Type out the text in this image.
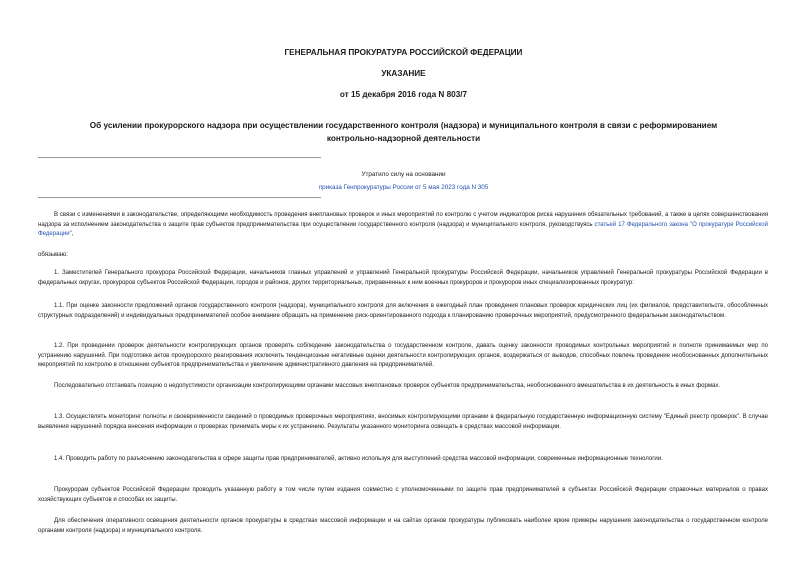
ГЕНЕРАЛЬНАЯ ПРОКУРАТУРА РОССИЙСКОЙ ФЕДЕРАЦИИ
УКАЗАНИЕ
от 15 декабря 2016 года N 803/7
Об усилении прокурорского надзора при осуществлении государственного контроля (надзора) и муниципального контроля в связи с реформированием
контрольно-надзорной деятельности
Утратило силу на основании
приказа Генпрокуратуры России от 5 мая 2023 года N 305

В связи с изменениями в законодательстве, определяющими необходимость проведения внеплановых проверок и иных мероприятий по контролю с учетом индикаторов риска нарушения обязательных требований, а также в целях совершенствования надзора за исполнением законодательства о защите прав субъектов предпринимательства при осуществлении государственного контроля (надзора) и муниципального контроля, руководствуясь статьей 17 Федерального закона "О прокуратуре Российской Федерации",

обязываю:

1. Заместителей Генерального прокурора Российской Федерации, начальников главных управлений и управлений Генеральной прокуратуры Российской Федерации, начальников управлений Генеральной прокуратуры Российской Федерации в федеральных округах, прокуроров субъектов Российской Федерации, городов и районов, других территориальных, приравненных к ним военных прокуроров и прокуроров иных специализированных прокуратур:

1.1. При оценке законности предложений органов государственного контроля (надзора), муниципального контроля для включения в ежегодный план проведения плановых проверок юридических лиц (их филиалов, представительств, обособленных структурных подразделений) и индивидуальных предпринимателей особое внимание обращать на применение риск-ориентированного подхода к планированию проверочных мероприятий, предусмотренного федеральным законодательством.

1.2. При проведении проверок деятельности контролирующих органов проверять соблюдение законодательства о государственном контроле, давать оценку законности проводимых контрольных мероприятий и полноте принимаемых мер по устранению нарушений. При подготовке актов прокурорского реагирования исключить тенденциозные негативные оценки деятельности контролирующих органов, воздержаться от выводов, способных повлечь проведение необоснованных дополнительных мероприятий по контролю в отношении субъектов предпринимательства и увеличение административного давления на предпринимателей.

Последовательно отстаивать позицию о недопустимости организации контролирующими органами массовых внеплановых проверок субъектов предпринимательства, необоснованного вмешательства в их деятельность в иных формах.

1.3. Осуществлять мониторинг полноты и своевременности сведений о проводимых проверочных мероприятиях, вносимых контролирующими органами в федеральную государственную информационную систему "Единый реестр проверок". В случае выявления нарушений порядка внесения информации о проверках принимать меры к их устранению. Результаты указанного мониторинга освещать в средствах массовой информации.

1.4. Проводить работу по разъяснению законодательства в сфере защиты прав предпринимателей, активно используя для выступлений средства массовой информации, современные информационные технологии.

Прокурорам субъектов Российской Федерации проводить указанную работу в том числе путем издания совместно с уполномоченными по защите прав предпринимателей в субъектах Российской Федерации справочных материалов о правах хозяйствующих субъектов и способах их защиты.

Для обеспечения оперативного освещения деятельности органов прокуратуры в средствах массовой информации и на сайтах органов прокуратуры публиковать наиболее яркие примеры нарушения законодательства о государственном контроле органами контроля (надзора) и муниципального контроля.
